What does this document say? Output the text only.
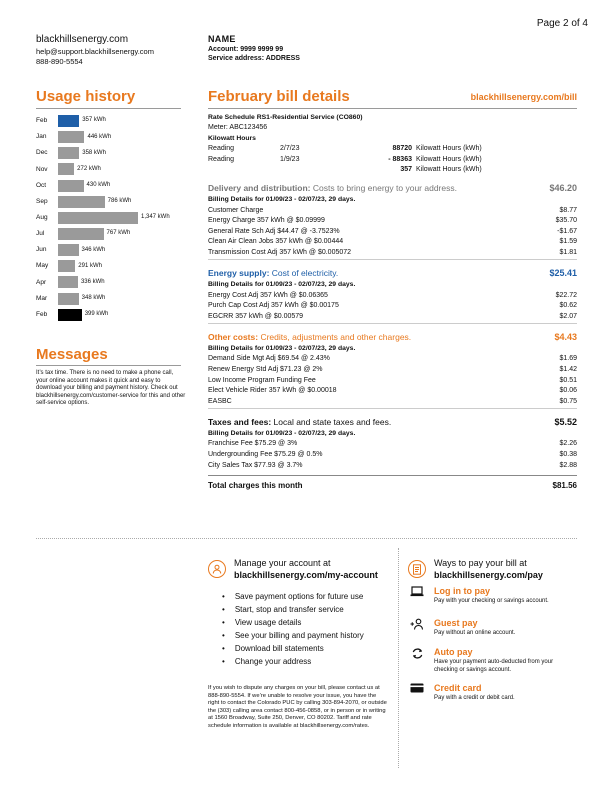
Page 2 of 4
blackhillsenergy.com
help@support.blackhillsenergy.com
888-890-5554
NAME
Account: 9999 9999 99
Service address: ADDRESS
Usage history
Feb	357 kWh
Jan	446 kWh
Dec	358 kWh
Nov	272 kWh
Oct	430 kWh
Sep	786 kWh
Aug	1,347 kWh
Jul	767 kWh
Jun	346 kWh
May	291 kWh
Apr	336 kWh
Mar	348 kWh
Feb	399 kWh
Messages
It’s tax time. There is no need to make a phone call, your online account makes it quick and easy to download your billing and payment history. Check out blackhillsenergy.com/customer-service for this and other self-service options.
February bill details	blackhillsenergy.com/bill
Rate Schedule RS1-Residential Service (CO860)
Meter: ABC123456
Kilowatt Hours
Reading	2/7/23	88720 Kilowatt Hours (kWh)
Reading	1/9/23	- 88363 Kilowatt Hours (kWh)
357 Kilowatt Hours (kWh)
Delivery and distribution: Costs to bring energy to your address.	$46.20
Billing Details for 01/09/23 - 02/07/23, 29 days.
Customer Charge	$8.77
Energy Charge 357 kWh @ $0.09999	$35.70
General Rate Sch Adj $44.47 @ -3.7523%	-$1.67
Clean Air Clean Jobs 357 kWh @ $0.00444	$1.59
Transmission Cost Adj 357 kWh @ $0.005072	$1.81
Energy supply: Cost of electricity.	$25.41
Billing Details for 01/09/23 - 02/07/23, 29 days.
Energy Cost Adj 357 kWh @ $0.06365	$22.72
Purch Cap Cost Adj 357 kWh @ $0.00175	$0.62
EGCRR 357 kWh @ $0.00579	$2.07
Other costs: Credits, adjustments and other charges.	$4.43
Billing Details for 01/09/23 - 02/07/23, 29 days.
Demand Side Mgt Adj $69.54 @ 2.43%	$1.69
Renew Energy Std Adj $71.23 @ 2%	$1.42
Low Income Program Funding Fee	$0.51
Elect Vehicle Rider 357 kWh @ $0.00018	$0.06
EASBC	$0.75
Taxes and fees: Local and state taxes and fees.	$5.52
Billing Details for 01/09/23 - 02/07/23, 29 days.
Franchise Fee $75.29 @ 3%	$2.26
Undergrounding Fee $75.29 @ 0.5%	$0.38
City Sales Tax $77.93 @ 3.7%	$2.88
Total charges this month	$81.56
Manage your account at
blackhillsenergy.com/my-account
• Save payment options for future use
• Start, stop and transfer service
• View usage details
• See your billing and payment history
• Download bill statements
• Change your address
If you wish to dispute any charges on your bill, please contact us at 888-890-5554. If we’re unable to resolve your issue, you have the right to contact the Colorado PUC by calling 303-894-2070, or outside the (303) calling area contact 800-456-0858, or in person or in writing at 1560 Broadway, Suite 250, Denver, CO 80202. Tariff and rate schedule information is available at blackhillsenergy.com/rates.
Ways to pay your bill at
blackhillsenergy.com/pay
Log in to pay
Pay with your checking or savings account.
Guest pay
Pay without an online account.
Auto pay
Have your payment auto-deducted from your checking or savings account.
Credit card
Pay with a credit or debit card.
